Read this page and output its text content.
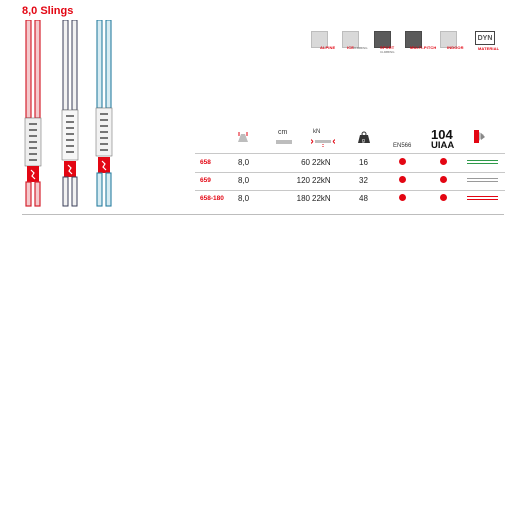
8,0 Slings
ALPINE	ICE CLIMBING	SPORT
CLIMBING
MULTI-PITCH	INDOOR
DYN
MATERIAL
cm	kN
g
EN566
104
UIAA
658	8,0	60 22kN	16
659	8,0	120 22kN	32
658-180 8,0	180 22kN	48
